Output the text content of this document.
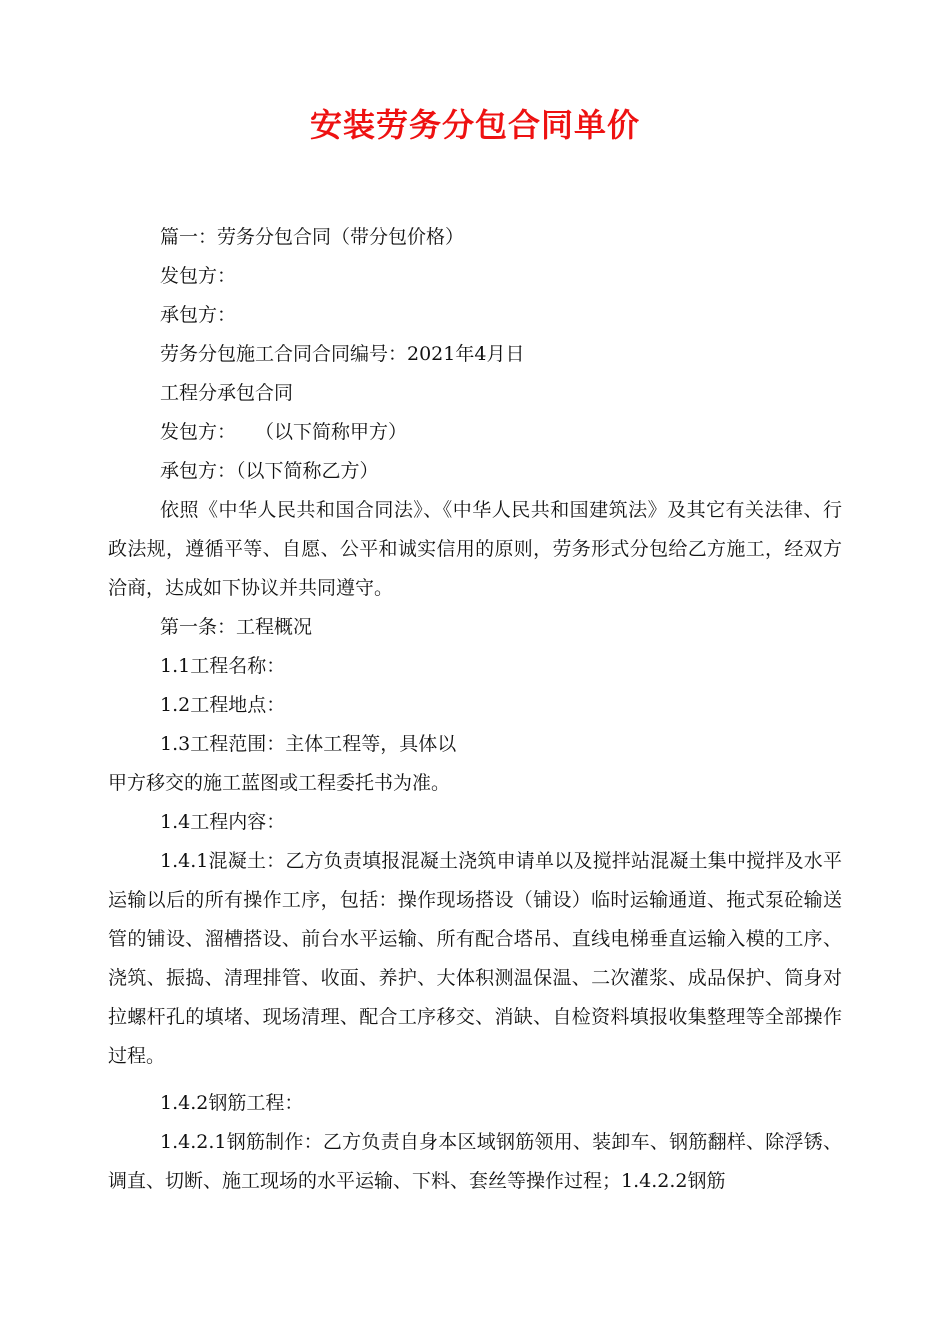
安装劳务分包合同单价

篇一：劳务分包合同（带分包价格）

发包方：

承包方：

劳务分包施工合同合同编号：2021年4月日

工程分承包合同

发包方：　　（以下简称甲方）

承包方：（以下简称乙方）

依照《中华人民共和国合同法》、《中华人民共和国建筑法》及其它有关法律、行政法规，遵循平等、自愿、公平和诚实信用的原则，劳务形式分包给乙方施工，经双方洽商，达成如下协议并共同遵守。

第一条：工程概况

1.1工程名称：

1.2工程地点：

1.3工程范围：主体工程等，具体以

甲方移交的施工蓝图或工程委托书为准。

1.4工程内容：

1.4.1混凝土：乙方负责填报混凝土浇筑申请单以及搅拌站混凝土集中搅拌及水平运输以后的所有操作工序，包括：操作现场搭设（铺设）临时运输通道、拖式泵砼输送管的铺设、溜槽搭设、前台水平运输、所有配合塔吊、直线电梯垂直运输入模的工序、浇筑、振捣、清理排管、收面、养护、大体积测温保温、二次灌浆、成品保护、筒身对拉螺杆孔的填堵、现场清理、配合工序移交、消缺、自检资料填报收集整理等全部操作过程。

1.4.2钢筋工程：

1.4.2.1钢筋制作：乙方负责自身本区域钢筋领用、装卸车、钢筋翻样、除浮锈、调直、切断、施工现场的水平运输、下料、套丝等操作过程；1.4.2.2钢筋
